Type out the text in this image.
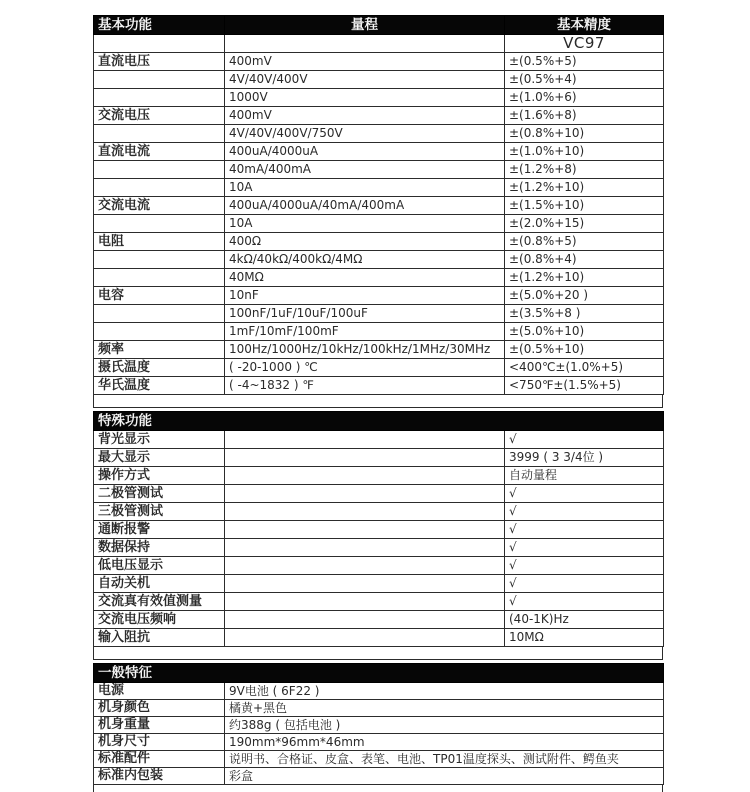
基本功能	量程	基本精度
		VC97
直流电压	400mV	±(0.5%+5)
	4V/40V/400V	±(0.5%+4)
	1000V	±(1.0%+6)
交流电压	400mV	±(1.6%+8)
	4V/40V/400V/750V	±(0.8%+10)
直流电流	400uA/4000uA	±(1.0%+10)
	40mA/400mA	±(1.2%+8)
	10A	±(1.2%+10)
交流电流	400uA/4000uA/40mA/400mA	±(1.5%+10)
	10A	±(2.0%+15)
电阻	400Ω	±(0.8%+5)
	4kΩ/40kΩ/400kΩ/4MΩ	±(0.8%+4)
	40MΩ	±(1.2%+10)
电容	10nF	±(5.0%+20 )
	100nF/1uF/10uF/100uF	±(3.5%+8 )
	1mF/10mF/100mF	±(5.0%+10)
频率	100Hz/1000Hz/10kHz/100kHz/1MHz/30MHz	±(0.5%+10)
摄氏温度	( -20-1000 ) ℃	<400℃±(1.0%+5)
华氏温度	( -4~1832 ) ℉	<750℉±(1.5%+5)
特殊功能		
背光显示		√
最大显示		3999 ( 3 3/4位 )
操作方式		自动量程
二极管测试		√
三极管测试		√
通断报警		√
数据保持		√
低电压显示		√
自动关机		√
交流真有效值测量		√
交流电压频响		(40-1K)Hz
输入阻抗		10MΩ
一般特征	
电源	9V电池 ( 6F22 )
机身颜色	橘黄+黑色
机身重量	约388g ( 包括电池 )
机身尺寸	190mm*96mm*46mm
标准配件	说明书、合格证、皮盒、表笔、电池、TP01温度探头、测试附件、鳄鱼夹
标准内包装	彩盒
